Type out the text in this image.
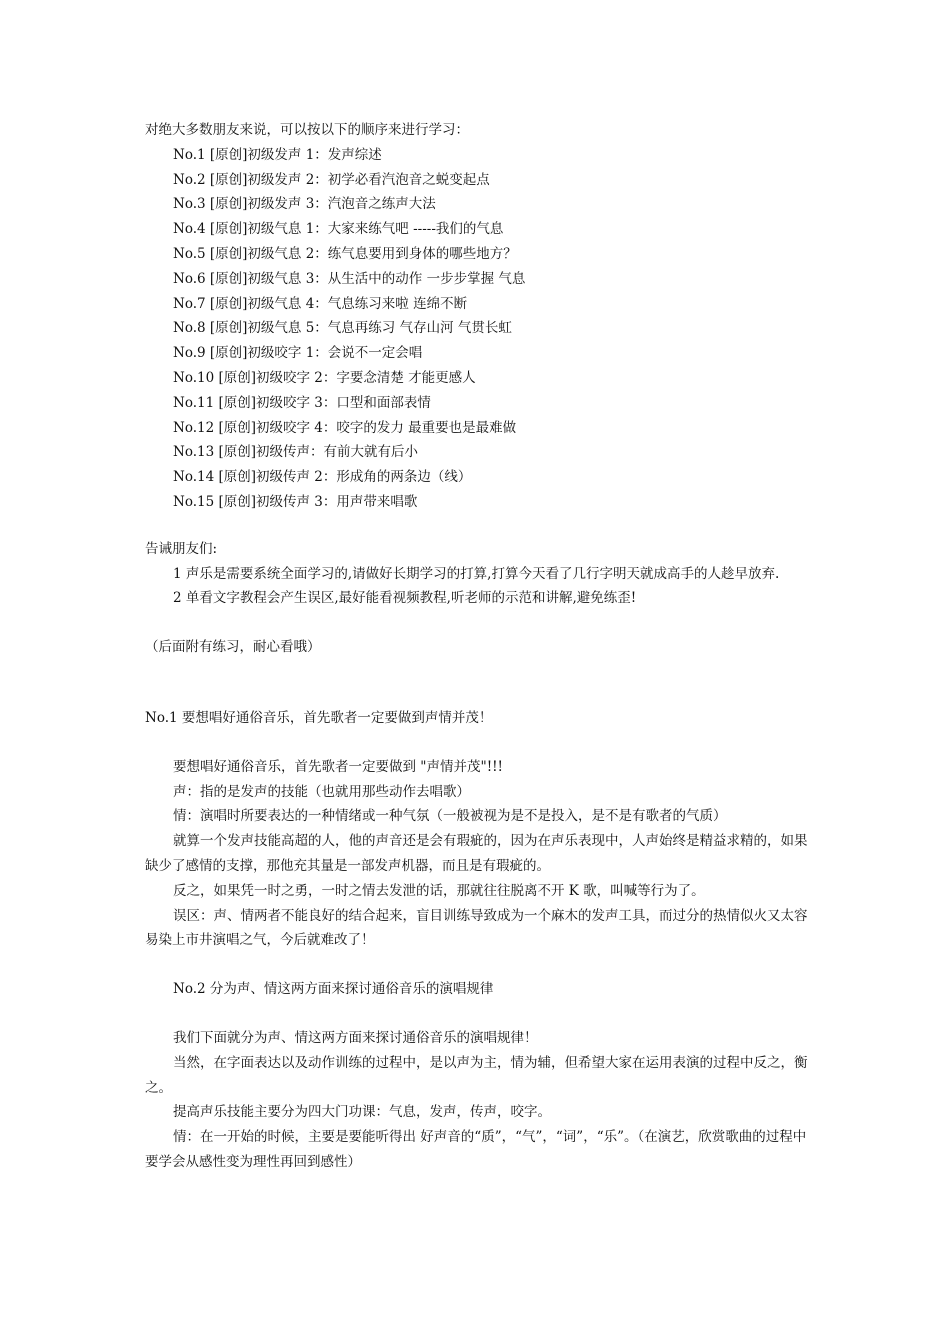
对绝大多数朋友来说，可以按以下的顺序来进行学习：

No.1 [原创]初级发声 1：发声综述

No.2 [原创]初级发声 2：初学必看汽泡音之蜕变起点

No.3 [原创]初级发声 3：汽泡音之练声大法

No.4 [原创]初级气息 1：大家来练气吧 -----我们的气息

No.5 [原创]初级气息 2：练气息要用到身体的哪些地方？

No.6 [原创]初级气息 3：从生活中的动作 一步步掌握 气息

No.7 [原创]初级气息 4：气息练习来啦 连绵不断

No.8 [原创]初级气息 5：气息再练习 气存山河 气贯长虹

No.9 [原创]初级咬字 1：会说不一定会唱

No.10 [原创]初级咬字 2：字要念清楚 才能更感人

No.11 [原创]初级咬字 3：口型和面部表情

No.12 [原创]初级咬字 4：咬字的发力 最重要也是最难做

No.13 [原创]初级传声：有前大就有后小

No.14 [原创]初级传声 2：形成角的两条边（线）

No.15 [原创]初级传声 3：用声带来唱歌

告诫朋友们:

1 声乐是需要系统全面学习的,请做好长期学习的打算,打算今天看了几行字明天就成高手的人趁早放弃.

2 单看文字教程会产生误区,最好能看视频教程,听老师的示范和讲解,避免练歪!

（后面附有练习，耐心看哦）

No.1 要想唱好通俗音乐，首先歌者一定要做到声情并茂！

要想唱好通俗音乐，首先歌者一定要做到 "声情并茂"!!!

声：指的是发声的技能（也就用那些动作去唱歌）

情：演唱时所要表达的一种情绪或一种气氛（一般被视为是不是投入，是不是有歌者的气质）

就算一个发声技能高超的人，他的声音还是会有瑕疵的，因为在声乐表现中，人声始终是精益求精的，如果缺少了感情的支撑，那他充其量是一部发声机器，而且是有瑕疵的。

反之，如果凭一时之勇，一时之情去发泄的话，那就往往脱离不开 K 歌，叫喊等行为了。

误区：声、情两者不能良好的结合起来，盲目训练导致成为一个麻木的发声工具，而过分的热情似火又太容易染上市井演唱之气，今后就难改了！

No.2 分为声、情这两方面来探讨通俗音乐的演唱规律

我们下面就分为声、情这两方面来探讨通俗音乐的演唱规律！

当然，在字面表达以及动作训练的过程中，是以声为主，情为辅，但希望大家在运用表演的过程中反之，衡之。

提高声乐技能主要分为四大门功课：气息，发声，传声，咬字。

情：在一开始的时候，主要是要能听得出 好声音的“质”，“气”，“词”，“乐”。（在演艺，欣赏歌曲的过程中要学会从感性变为理性再回到感性）
